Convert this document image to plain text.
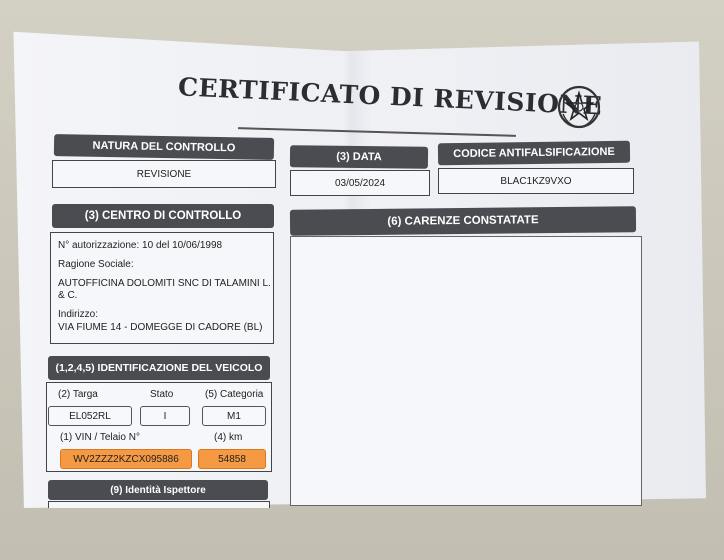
CERTIFICATO DI REVISIONE
NATURA DEL CONTROLLO
REVISIONE
(3) DATA
03/05/2024
CODICE ANTIFALSIFICAZIONE
BLAC1KZ9VXO
(3) CENTRO DI CONTROLLO
N° autorizzazione: 10 del 10/06/1998
Ragione Sociale:
AUTOFFICINA DOLOMITI SNC DI TALAMINI L.
& C.
Indirizzo:
VIA FIUME 14 - DOMEGGE DI CADORE (BL)
(6) CARENZE CONSTATATE
(1,2,4,5) IDENTIFICAZIONE DEL VEICOLO
(2) Targa
EL052RL
Stato
I
(5) Categoria
M1
(1) VIN / Telaio N°
WV2ZZZ2KZCX095886
(4) km
54858
(9) Identità Ispettore
